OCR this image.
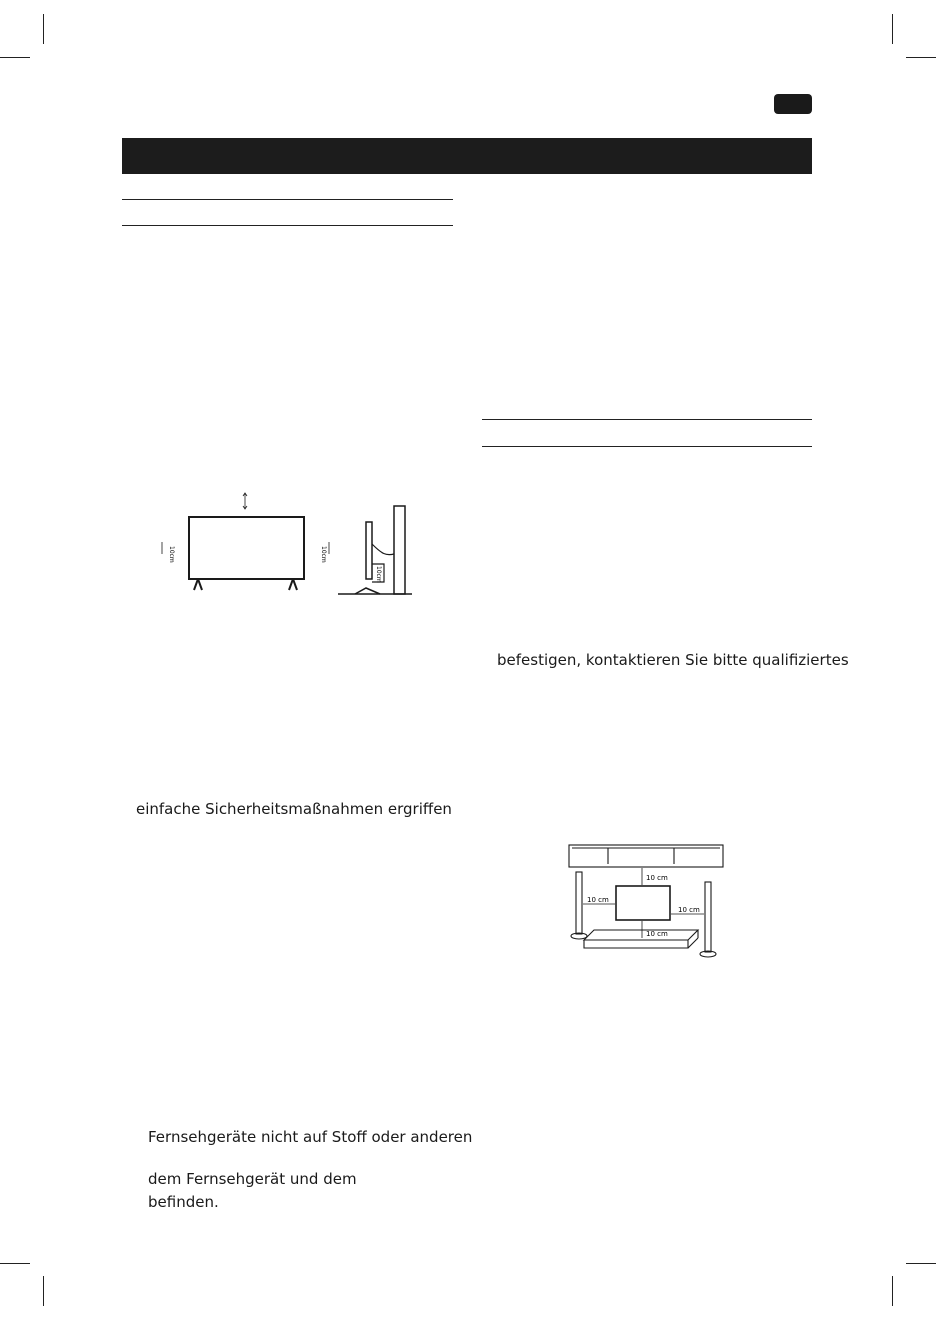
10cm	10cm
10cm
einfache Sicherheitsmaßnahmen ergriffen
Fernsehgeräte nicht auf Stoff oder anderen
dem Fernsehgerät und dem
befinden.
befestigen, kontaktieren Sie bitte qualifiziertes
10 cm
10 cm
10 cm
10 cm
